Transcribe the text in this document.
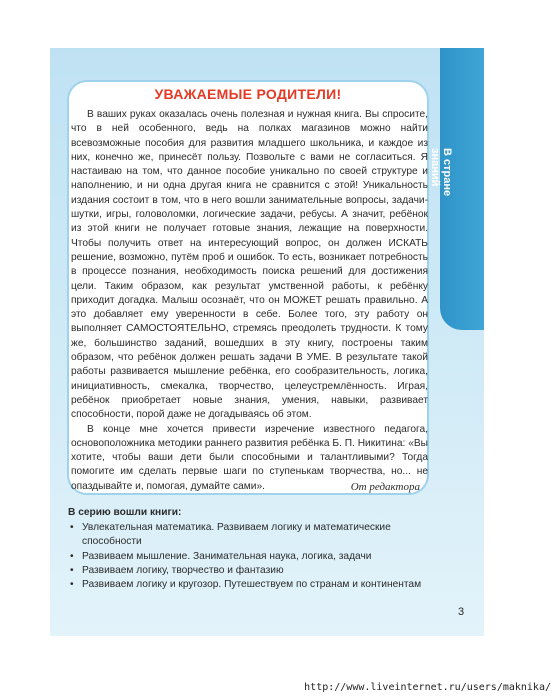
В стране
знаний
УВАЖАЕМЫЕ РОДИТЕЛИ!

В ваших руках оказалась очень полезная и нужная книга. Вы спросите, что в ней особенного, ведь на полках магазинов можно найти всевозможные пособия для развития младшего школьника, и каждое из них, конечно же, принесёт пользу. Позвольте с вами не согласиться. Я настаиваю на том, что данное пособие уникально по своей структуре и наполнению, и ни одна другая книга не сравнится с этой! Уникальность издания состоит в том, что в него вошли занимательные вопросы, задачи-шутки, игры, головоломки, логические задачи, ребусы. А значит, ребёнок из этой книги не получает готовые знания, лежащие на поверхности. Чтобы получить ответ на интересующий вопрос, он должен ИСКАТЬ решение, возможно, путём проб и ошибок. То есть, возникает потребность в процессе познания, необходимость поиска решений для достижения цели. Таким образом, как результат умственной работы, к ребёнку приходит догадка. Малыш осознаёт, что он МОЖЕТ решать правильно. А это добавляет ему уверенности в себе. Более того, эту работу он выполняет САМОСТОЯТЕЛЬНО, стремясь преодолеть трудности. К тому же, большинство заданий, вошедших в эту книгу, построены таким образом, что ребёнок должен решать задачи В УМЕ. В результате такой работы развивается мышление ребёнка, его сообразительность, логика, инициативность, смекалка, творчество, целеустремлённость. Играя, ребёнок приобретает новые знания, умения, навыки, развивает способности, порой даже не догадываясь об этом.

В конце мне хочется привести изречение известного педагога, основоположника методики раннего развития ребёнка Б. П. Никитина: «Вы хотите, чтобы ваши дети были способными и талантливыми? Тогда помогите им сделать первые шаги по ступенькам творчества, но... не опаздывайте и, помогая, думайте сами».	От редактора
В серию вошли книги:
• Увлекательная математика. Развиваем логику и математические способности
• Развиваем мышление. Занимательная наука, логика, задачи
• Развиваем логику, творчество и фантазию
• Развиваем логику и кругозор. Путешествуем по странам и континентам
3
http://www.liveinternet.ru/users/maknika/
